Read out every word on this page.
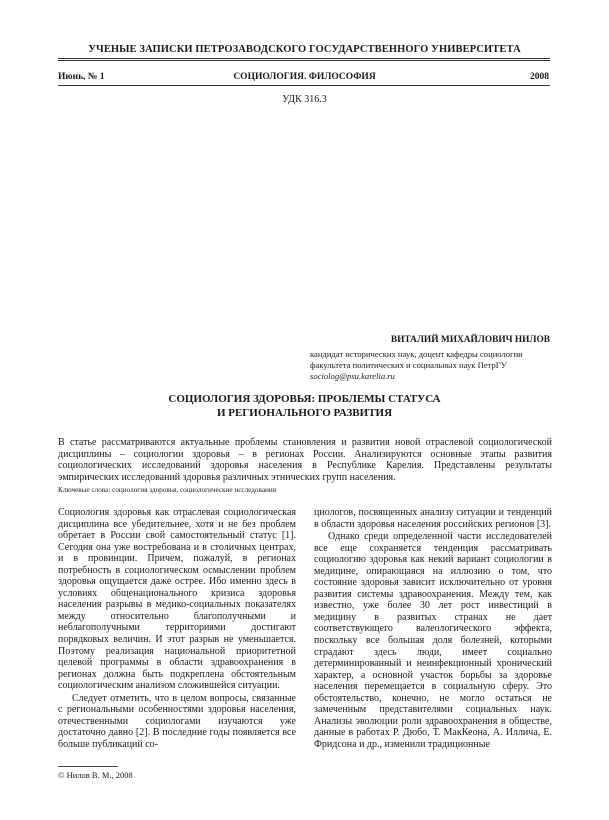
УЧЕНЫЕ ЗАПИСКИ ПЕТРОЗАВОДСКОГО ГОСУДАРСТВЕННОГО УНИВЕРСИТЕТА
Июнь, № 1	СОЦИОЛОГИЯ. ФИЛОСОФИЯ	2008
УДК 316.3
ВИТАЛИЙ МИХАЙЛОВИЧ НИЛОВ
кандидат исторических наук, доцент кафедры социологии
факультета политических и социальных наук ПетрГУ
sociolog@psu.karelia.ru
СОЦИОЛОГИЯ ЗДОРОВЬЯ: ПРОБЛЕМЫ СТАТУСА
И РЕГИОНАЛЬНОГО РАЗВИТИЯ

В статье рассматриваются актуальные проблемы становления и развития новой отраслевой социологической дисциплины – социологии здоровья – в регионах России. Анализируются основные этапы развития социологических исследований здоровья населения в Республике Карелия. Представлены результаты эмпирических исследований здоровья различных этнических групп населения.

Ключевые слова: социология здоровья, социологические исследования

Социология здоровья как отраслевая социологическая дисциплина все убедительнее, хотя и не без проблем обретает в России свой самостоятельный статус [1]. Сегодня она уже востребована и в столичных центрах, и в провинции. Причем, пожалуй, в регионах потребность в социологическом осмыслении проблем здоровья ощущается даже острее. Ибо именно здесь в условиях общенационального кризиса здоровья населения разрывы в медико-социальных показателях между относительно благополучными и неблагополучными территориями достигают порядковых величин. И этот разрыв не уменьшается. Поэтому реализация национальной приоритетной целевой программы в области здравоохранения в регионах должна быть подкреплена обстоятельным социологическим анализом сложившейся ситуации.

Следует отметить, что в целом вопросы, связанные с региональными особенностями здоровья населения, отечественными социологами изучаются уже достаточно давно [2]. В последние годы появляется все больше публикаций со-

циологов, посвященных анализу ситуации и тенденций в области здоровья населения российских регионов [3].

Однако среди определенной части исследователей все еще сохраняется тенденция рассматривать социологию здоровья как некий вариант социологии в медицине, опирающаяся на иллюзию о том, что состояние здоровья зависит исключительно от уровня развития системы здравоохранения. Между тем, как известно, уже более 30 лет рост инвестиций в медицину в развитых странах не дает соответствующего валеологического эффекта, поскольку все большая доля болезней, которыми страдают здесь люди, имеет социально детерминированный и неинфекционный хронический характер, а основной участок борьбы за здоровье населения перемещается в социальную сферу. Это обстоятельство, конечно, не могло остаться не замеченным представителями социальных наук. Анализы эволюции роли здравоохранения в обществе, данные в работах Р. Дюбо, Т. МакКеона, А. Иллича, Е. Фридсона и др., изменили традиционные

© Нилов В. М., 2008
